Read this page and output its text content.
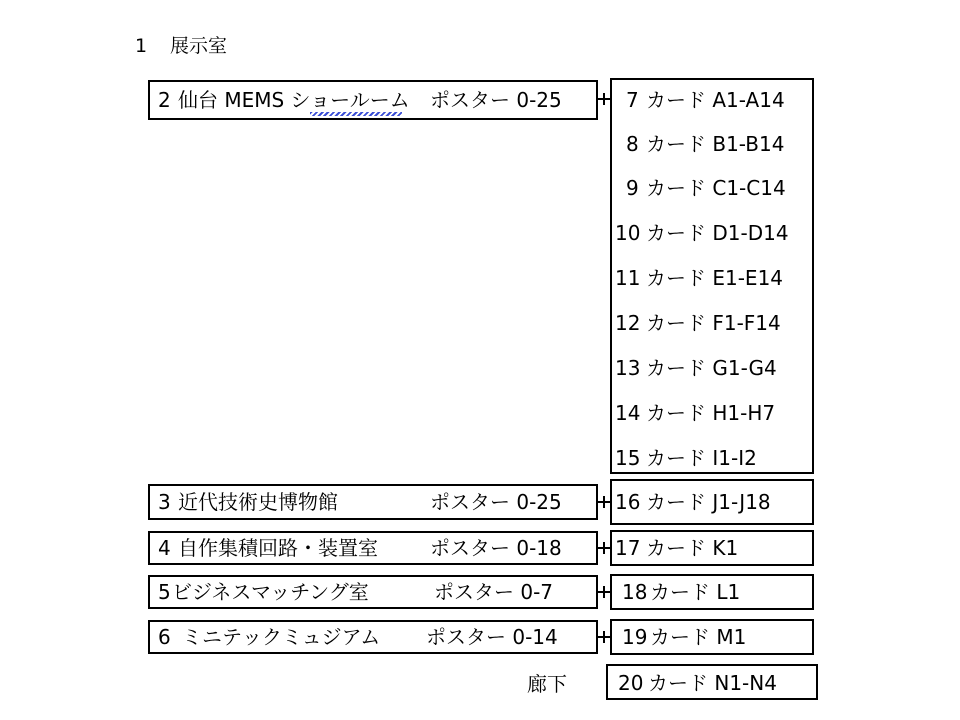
1 展示室
2 仙台 MEMS ショールーム ポスター 0-25	7 カード A1-A14
8 カード B1-B14
9 カード C1-C14
10 カード D1-D14
11 カード E1-E14
12 カード F1-F14
13 カード G1-G4
14 カード H1-H7
15 カード I1-I2
3 近代技術史博物館	ポスター 0-25	16 カード J1-J18
4 自作集積回路・装置室	ポスター 0-18	17 カード K1
5 ビジネスマッチング室	ポスター 0-7	18 カード L1
6 ミニテックミュジアム ポスター 0-14	19 カード M1
廊下	20 カード N1-N4
